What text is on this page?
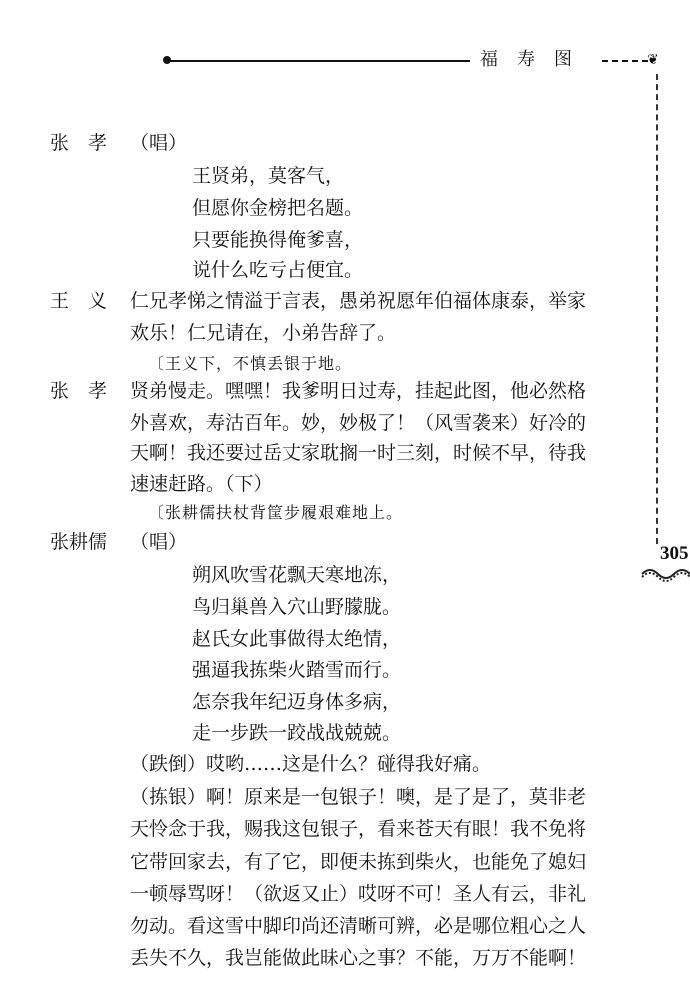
福寿图	❦
305
张　孝 （唱）
王贤弟，莫客气，
但愿你金榜把名题。
只要能换得俺爹喜，
说什么吃亏占便宜。
王　义 仁兄孝悌之情溢于言表，愚弟祝愿年伯福体康泰，举家
欢乐！仁兄请在，小弟告辞了。
〔王义下，不慎丢银于地。
张　孝 贤弟慢走。嘿嘿！我爹明日过寿，挂起此图，他必然格
外喜欢，寿沽百年。妙，妙极了！（风雪袭来）好冷的
天啊！我还要过岳丈家耽搁一时三刻，时候不早，待我
速速赶路。（下）
〔张耕儒扶杖背筐步履艰难地上。
张耕儒 （唱）
朔风吹雪花飘天寒地冻，
鸟归巢兽入穴山野朦胧。
赵氏女此事做得太绝情，
强逼我拣柴火踏雪而行。
怎奈我年纪迈身体多病，
走一步跌一跤战战兢兢。
（跌倒）哎哟……这是什么？碰得我好痛。
（拣银）啊！原来是一包银子！噢，是了是了，莫非老
天怜念于我，赐我这包银子，看来苍天有眼！我不免将
它带回家去，有了它，即便未拣到柴火，也能免了媳妇
一顿辱骂呀！（欲返又止）哎呀不可！圣人有云，非礼
勿动。看这雪中脚印尚还清晰可辨，必是哪位粗心之人
丢失不久，我岂能做此昧心之事？不能，万万不能啊！
